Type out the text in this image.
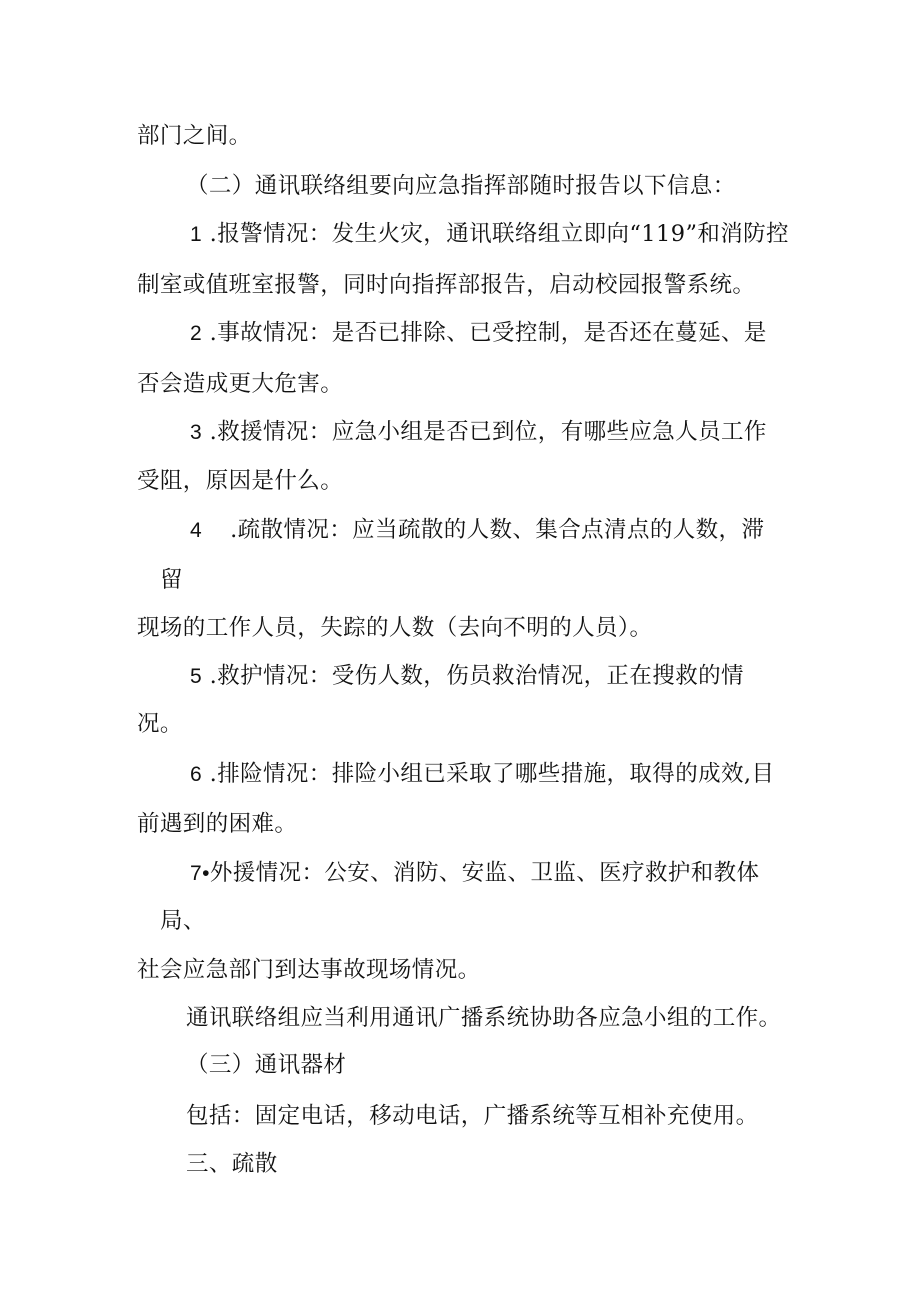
部门之间。
（二）通讯联络组要向应急指挥部随时报告以下信息：
1 .报警情况：发生火灾，通讯联络组立即向“119”和消防控
制室或值班室报警，同时向指挥部报告，启动校园报警系统。
2 .事故情况：是否已排除、已受控制，是否还在蔓延、是
否会造成更大危害。
3 .救援情况：应急小组是否已到位，有哪些应急人员工作
受阻，原因是什么。
4 .疏散情况：应当疏散的人数、集合点清点的人数，滞
留
现场的工作人员，失踪的人数（去向不明的人员）。
5 .救护情况：受伤人数，伤员救治情况，正在搜救的情
况。
6 .排险情况：排险小组已采取了哪些措施，取得的成效,目
前遇到的困难。
7•外援情况：公安、消防、安监、卫监、医疗救护和教体
局、
社会应急部门到达事故现场情况。
通讯联络组应当利用通讯广播系统协助各应急小组的工作。
（三）通讯器材
包括：固定电话，移动电话，广播系统等互相补充使用。
三、疏散
